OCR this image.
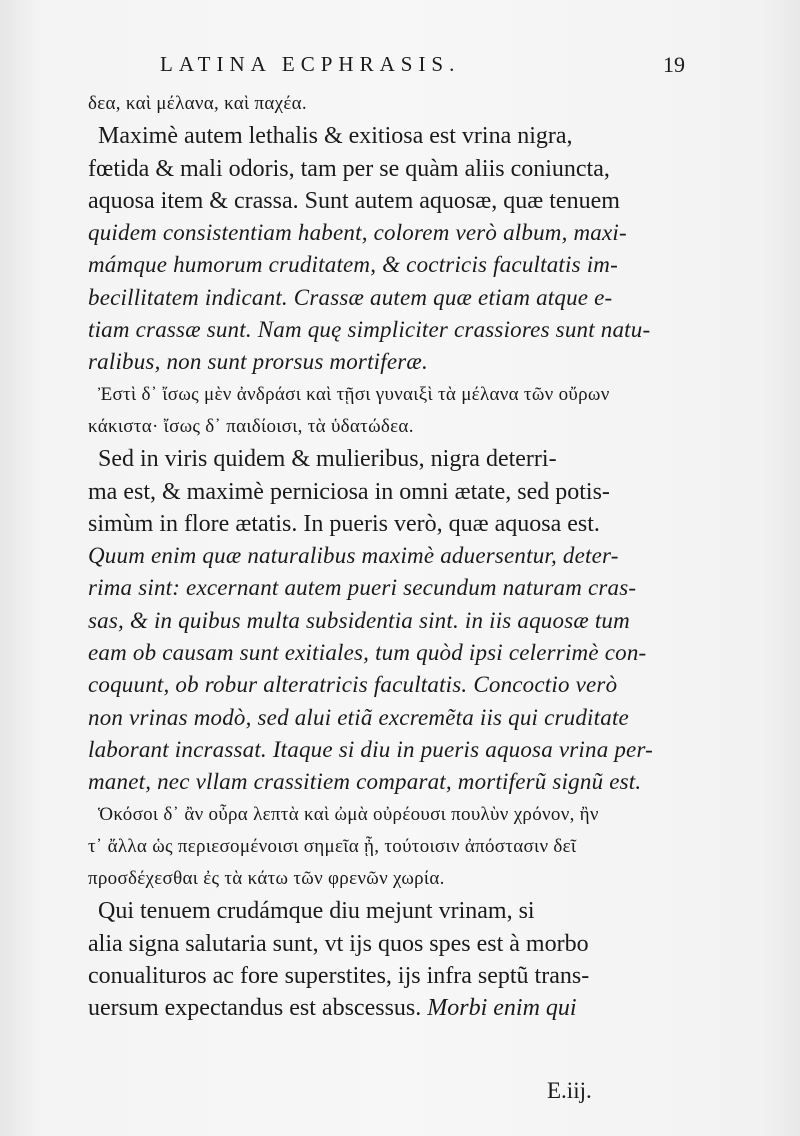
LATINA ECPHRASIS.	19
δεα, καὶ μέλανα, καὶ παχέα.
Maximè autem lethalis & exitiosa est vrina nigra,
fœtida & mali odoris, tam per se quàm aliis coniuncta,
aquosa item & crassa. Sunt autem aquosæ, quæ tenuem
quidem consistentiam habent, colorem verò album, maxi-
mámque humorum cruditatem, & coctricis facultatis im-
becillitatem indicant. Crassæ autem quæ etiam atque e-
tiam crassæ sunt. Nam quę simpliciter crassiores sunt natu-
ralibus, non sunt prorsus mortiferæ.
Ἐστὶ δ᾽ ἴσως μὲν ἀνδράσι καὶ τῇσι γυναιξὶ τὰ μέλανα τῶν οὔρων
κάκιστα· ἴσως δ᾽ παιδίοισι, τὰ ὑδατώδεα.
Sed in viris quidem & mulieribus, nigra deterri-
ma est, & maximè perniciosa in omni ætate, sed potis-
simùm in flore ætatis. In pueris verò, quæ aquosa est.
Quum enim quæ naturalibus maximè aduersentur, deter-
rima sint: excernant autem pueri secundum naturam cras-
sas, & in quibus multa subsidentia sint. in iis aquosæ tum
eam ob causam sunt exitiales, tum quòd ipsi celerrimè con-
coquunt, ob robur alteratricis facultatis. Concoctio verò
non vrinas modò, sed alui etiã excremẽta iis qui cruditate
laborant incrassat. Itaque si diu in pueris aquosa vrina per-
manet, nec vllam crassitiem comparat, mortiferũ signũ est.
Ὁκόσοι δ᾽ ἂν οὖρα λεπτὰ καὶ ὠμὰ οὐρέουσι πουλὺν χρόνον, ἢν
τ᾽ ἄλλα ὡς περιεσομένοισι σημεῖα ᾖ, τούτοισιν ἀπόστασιν δεῖ
προσδέχεσθαι ἐς τὰ κάτω τῶν φρενῶν χωρία.
Qui tenuem crudámque diu mejunt vrinam, si
alia signa salutaria sunt, vt ijs quos spes est à morbo
conualituros ac fore superstites, ijs infra septũ trans-
uersum expectandus est abscessus. Morbi enim qui
E.iij.
